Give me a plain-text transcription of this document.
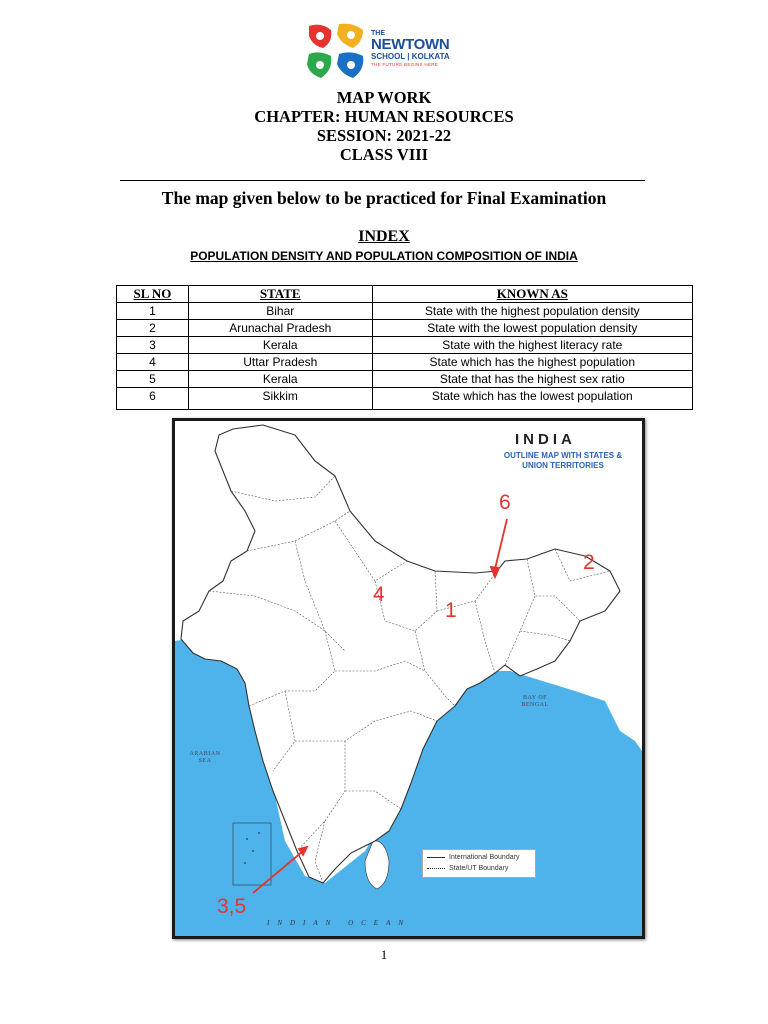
THE
NEWTOWN
SCHOOL | KOLKATA
THE FUTURE BEGINS HERE
MAP WORK
CHAPTER: HUMAN RESOURCES
SESSION: 2021-22
CLASS VIII
The map given below to be practiced for Final Examination
INDEX
POPULATION DENSITY AND POPULATION COMPOSITION OF INDIA
SL NO	STATE	KNOWN AS
1	Bihar	State with the highest population density
2	Arunachal Pradesh	State with the lowest population density
3	Kerala	State with the highest literacy rate
4	Uttar Pradesh	State which has the highest population
5	Kerala	State that has the highest sex ratio
6	Sikkim	State which has the lowest population
INDIA
OUTLINE MAP WITH STATES & UNION TERRITORIES
6
2
4
1
3,5
BAY OF BENGAL
ARABIAN SEA
INDIAN OCEAN
International Boundary
State/UT Boundary
1
